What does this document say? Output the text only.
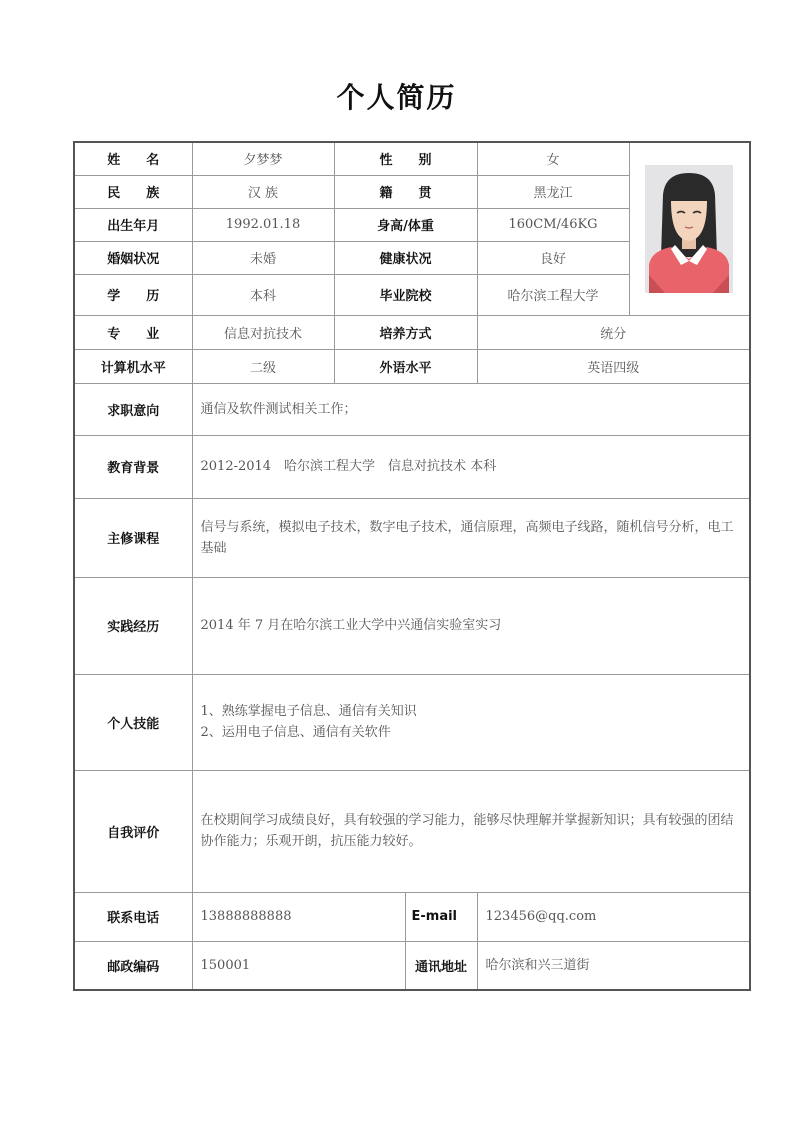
个人简历
姓　　名	夕梦梦	性　　别		女	

民　　族	汉 族	籍　　贯		黑龙江	
出生年月	1992.01.18	身高/体重		160CM/46KG	
婚姻状况	未婚	健康状况		良好	
学　　历	本科	毕业院校		哈尔滨工程大学	
专　　业	信息对抗技术	培养方式		统分	
计算机水平	二级	外语水平		英语四级	
求职意向	通信及软件测试相关工作；				
教育背景	2012-2014　哈尔滨工程大学　信息对抗技术 本科				
主修课程	信号与系统，模拟电子技术，数字电子技术，通信原理，高频电子线路，随机信号分析，电工基础				
实践经历	2014 年 7 月在哈尔滨工业大学中兴通信实验室实习				
个人技能	1、熟练掌握电子信息、通信有关知识
2、运用电子信息、通信有关软件				

自我评价	在校期间学习成绩良好，具有较强的学习能力，能够尽快理解并掌握新知识；具有较强的团结协作能力；乐观开朗，抗压能力较好。				
联系电话	13888888888		E-mail	123456@qq.com	
邮政编码	150001		通讯地址	哈尔滨和兴三道街	
